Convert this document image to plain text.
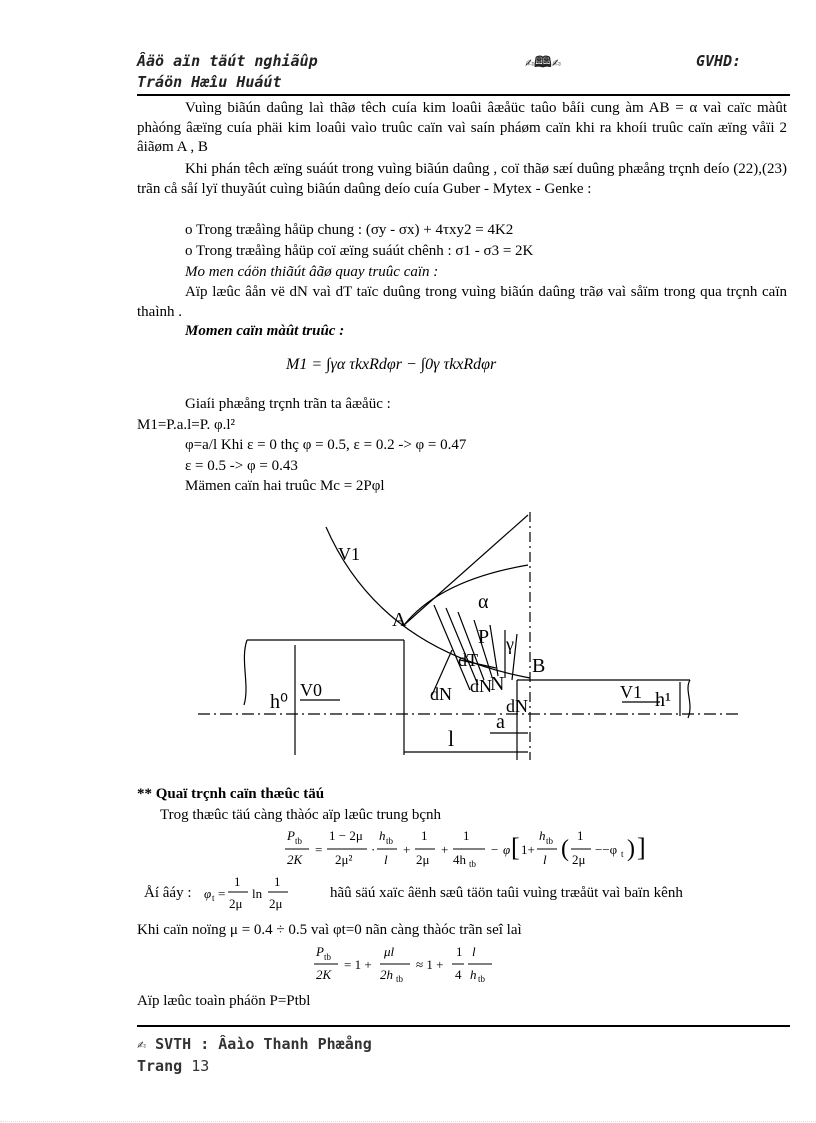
Âäö aïn täút nghiãûp	✍🕮✍	GVHD:
Tráön Hæîu Huáút
Vuìng biãún daûng laì thãø têch cuía kim loaûi âæåüc taûo båíi cung àm AB = α vaì caïc màût phàóng âæïng cuía phäi kim loaûi vaìo truûc caïn vaì saín pháøm caïn khi ra khoíi truûc caïn æïng våïi 2 âiãøm A , B
Khi phán têch æïng suáút trong vuìng biãún daûng , coï thãø sæí duûng phæång trçnh deío (22),(23) trãn cå såí lyï thuyãút cuìng biãún daûng deío cuía Guber - Mytex - Genke :
o Trong træåìng håüp chung : (σy - σx) + 4τxy2 = 4K2
o Trong træåìng håüp coï æïng suáút chênh : σ1 - σ3 = 2K
Mo men cáön thiãút âãø quay truûc caïn :
Aïp læûc âån vë dN vaì dT taïc duûng trong vuìng biãún daûng trãø vaì såïm trong qua trçnh caïn thaình .
Momen caïn màût truûc :
M1 = ∫γα τkxRdφr − ∫0γ τkxRdφr
Giaíi phæång trçnh trãn ta âæåüc :
M1=P.a.l=P. φ.l²
φ=a/l Khi ε = 0 thç φ = 0.5, ε = 0.2 -> φ = 0.47
ε = 0.5 -> φ = 0.43
Mämen caïn hai truûc Mc = 2Pφl
V1
α
A
P γ
B
dT
dN dN
N
dN
h⁰
V0	V1 h¹
a
l
** Quaï trçnh caïn thæûc täú
Trog thæûc täú càng thàóc aïp læûc trung bçnh
P tb
2K
=
1 − 2μ
2μ²
·
h tb
l
+
1
2μ
+
1
4h tb
− φ [ 1+
h tb
l (
1
2μ
−−φ t ) ]
Åí âáy : φ t =
1
2μ
ln
1
2μ
hãû säú xaïc âënh sæû täön taûi vuìng træåüt vaì baïn kênh
Khi caïn noïng μ = 0.4 ÷ 0.5 vaì φt=0 nãn càng thàóc trãn seî laì
P tb
2K
= 1 +
μl
2h tb
≈ 1 +
1
4
l
h tb
Aïp læûc toaìn pháön P=Ptbl
✍ SVTH : Âaìo Thanh Phæång
Trang 13
